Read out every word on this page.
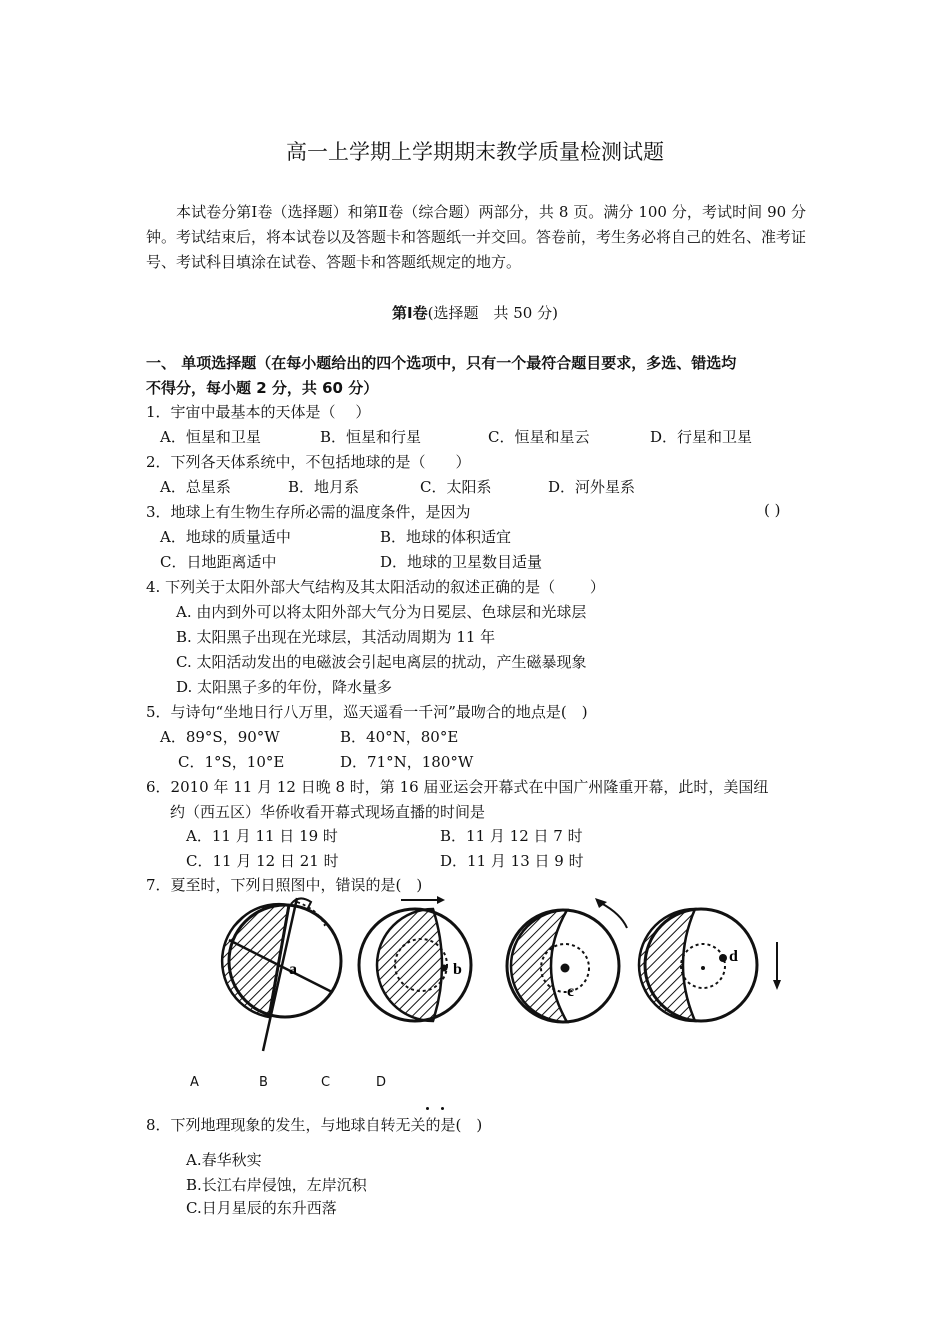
高一上学期上学期期末教学质量检测试题
本试卷分第Ⅰ卷（选择题）和第Ⅱ卷（综合题）两部分，共 8 页。满分 100 分，考试时间 90 分钟。考试结束后，将本试卷以及答题卡和答题纸一并交回。答卷前，考生务必将自己的姓名、准考证号、考试科目填涂在试卷、答题卡和答题纸规定的地方。
第Ⅰ卷(选择题　共 50 分)
一、 单项选择题（在每小题给出的四个选项中，只有一个最符合题目要求，多选、错选均
不得分，每小题 2 分，共 60 分）
1．宇宙中最基本的天体是（　 ）
A．恒星和卫星	B．恒星和行星	C．恒星和星云	D．行星和卫星
2．下列各天体系统中，不包括地球的是（　　）
A．总星系	B．地月系	C．太阳系	D．河外星系
3．地球上有生物生存所必需的温度条件，是因为	( )
A．地球的质量适中	B．地球的体积适宜
C．日地距离适中	D．地球的卫星数目适量
4. 下列关于太阳外部大气结构及其太阳活动的叙述正确的是（　　 ）
A. 由内到外可以将太阳外部大气分为日冕层、色球层和光球层
B. 太阳黑子出现在光球层，其活动周期为 11 年
C. 太阳活动发出的电磁波会引起电离层的扰动，产生磁暴现象
D. 太阳黑子多的年份，降水量多
5．与诗句“坐地日行八万里，巡天遥看一千河”最吻合的地点是(　)
A．89°S，90°W	B．40°N，80°E
C．1°S，10°E	D．71°N，180°W
6．2010 年 11 月 12 日晚 8 时，第 16 届亚运会开幕式在中国广州隆重开幕，此时，美国纽
约（西五区）华侨收看开幕式现场直播的时间是
A．11 月 11 日 19 时	B．11 月 12 日 7 时
C．11 月 12 日 21 时	D．11 月 13 日 9 时
7．夏至时，下列日照图中，错误的是(　)
a	b
c
d
A	B	C	D
8．下列地理现象的发生，与地球自转无关的是(　)
A.春华秋实
B.长江右岸侵蚀，左岸沉积
C.日月星辰的东升西落
